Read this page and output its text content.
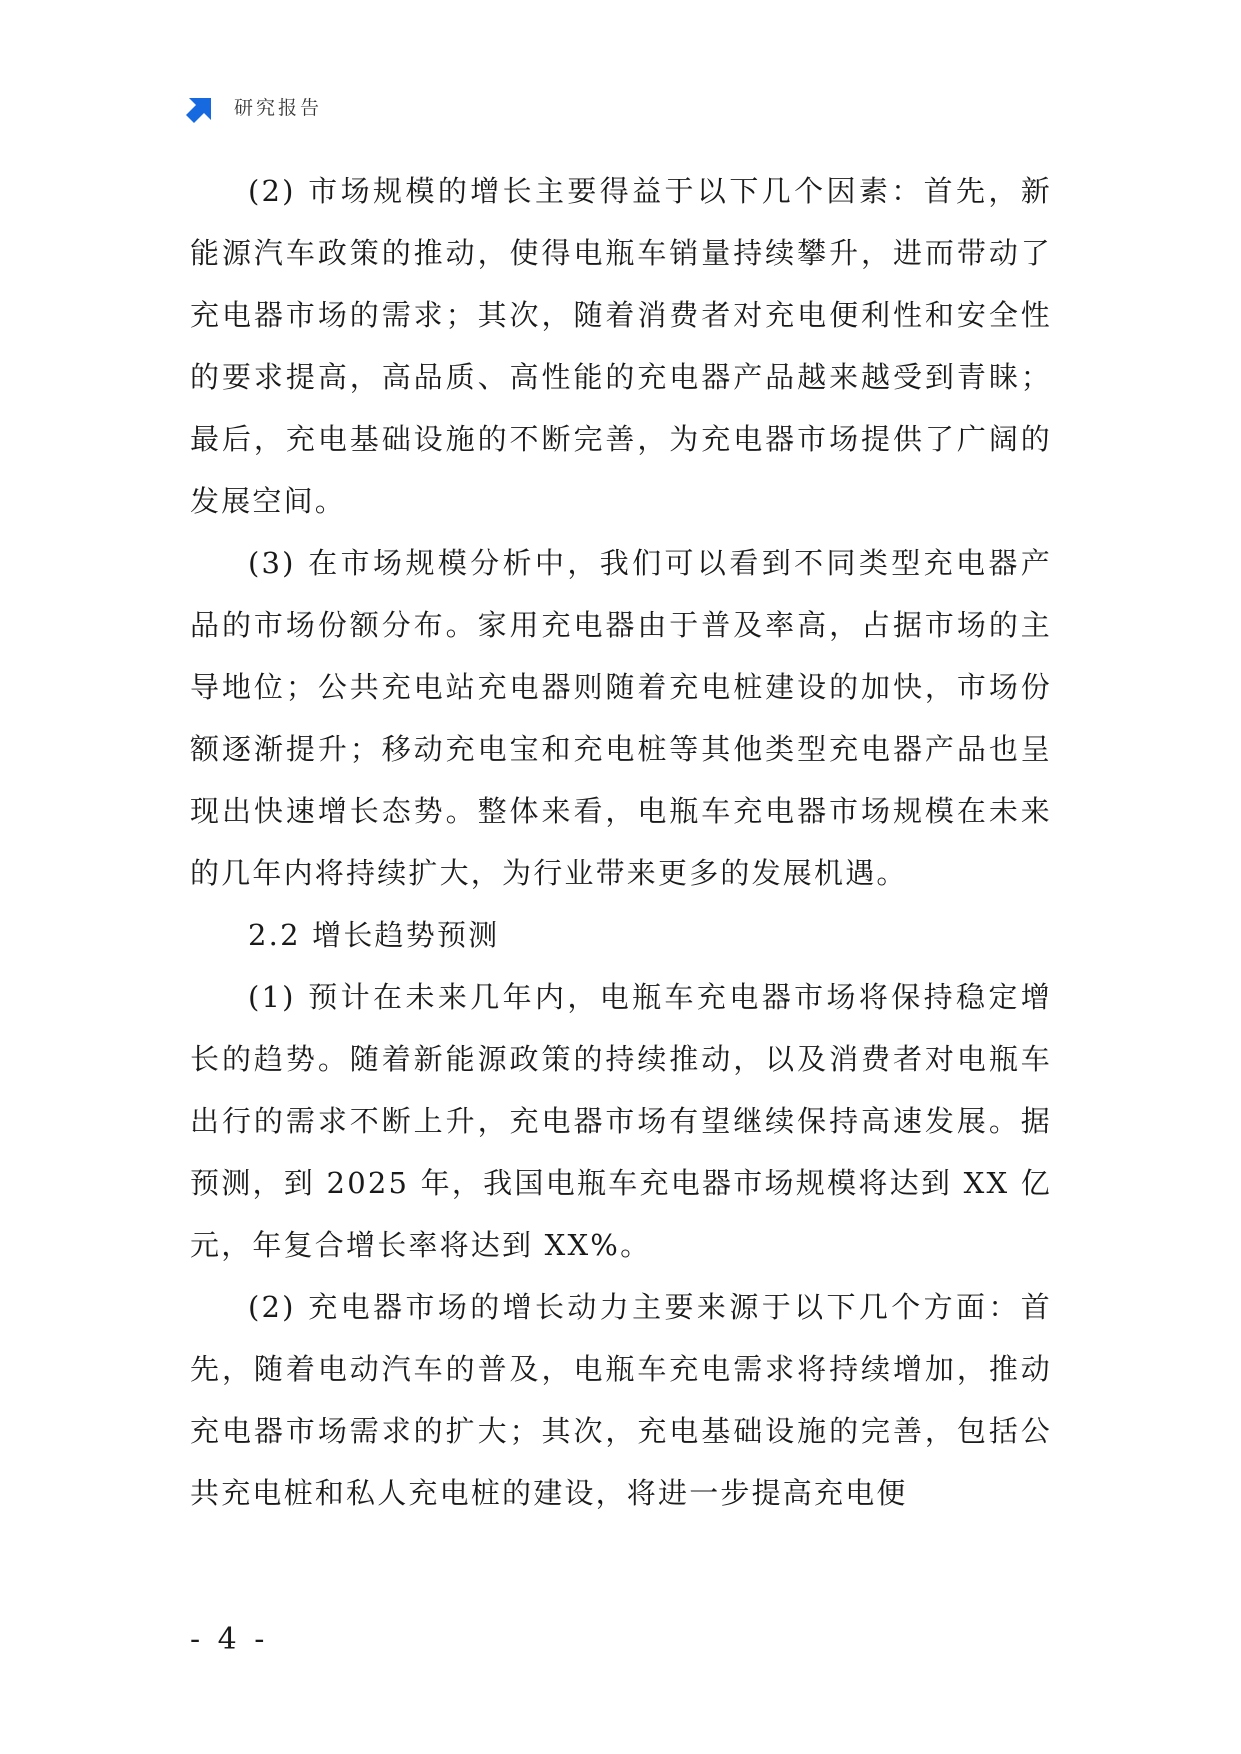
研究报告

(2) 市场规模的增长主要得益于以下几个因素：首先，新能源汽车政策的推动，使得电瓶车销量持续攀升，进而带动了充电器市场的需求；其次，随着消费者对充电便利性和安全性的要求提高，高品质、高性能的充电器产品越来越受到青睐；最后，充电基础设施的不断完善，为充电器市场提供了广阔的发展空间。

(3) 在市场规模分析中，我们可以看到不同类型充电器产品的市场份额分布。家用充电器由于普及率高，占据市场的主导地位；公共充电站充电器则随着充电桩建设的加快，市场份额逐渐提升；移动充电宝和充电桩等其他类型充电器产品也呈现出快速增长态势。整体来看，电瓶车充电器市场规模在未来的几年内将持续扩大，为行业带来更多的发展机遇。

2.2 增长趋势预测

(1) 预计在未来几年内，电瓶车充电器市场将保持稳定增长的趋势。随着新能源政策的持续推动，以及消费者对电瓶车出行的需求不断上升，充电器市场有望继续保持高速发展。据预测，到 2025 年，我国电瓶车充电器市场规模将达到 XX 亿元，年复合增长率将达到 XX%。

(2) 充电器市场的增长动力主要来源于以下几个方面：首先，随着电动汽车的普及，电瓶车充电需求将持续增加，推动充电器市场需求的扩大；其次，充电基础设施的完善，包括公共充电桩和私人充电桩的建设，将进一步提高充电便

- 4 -
